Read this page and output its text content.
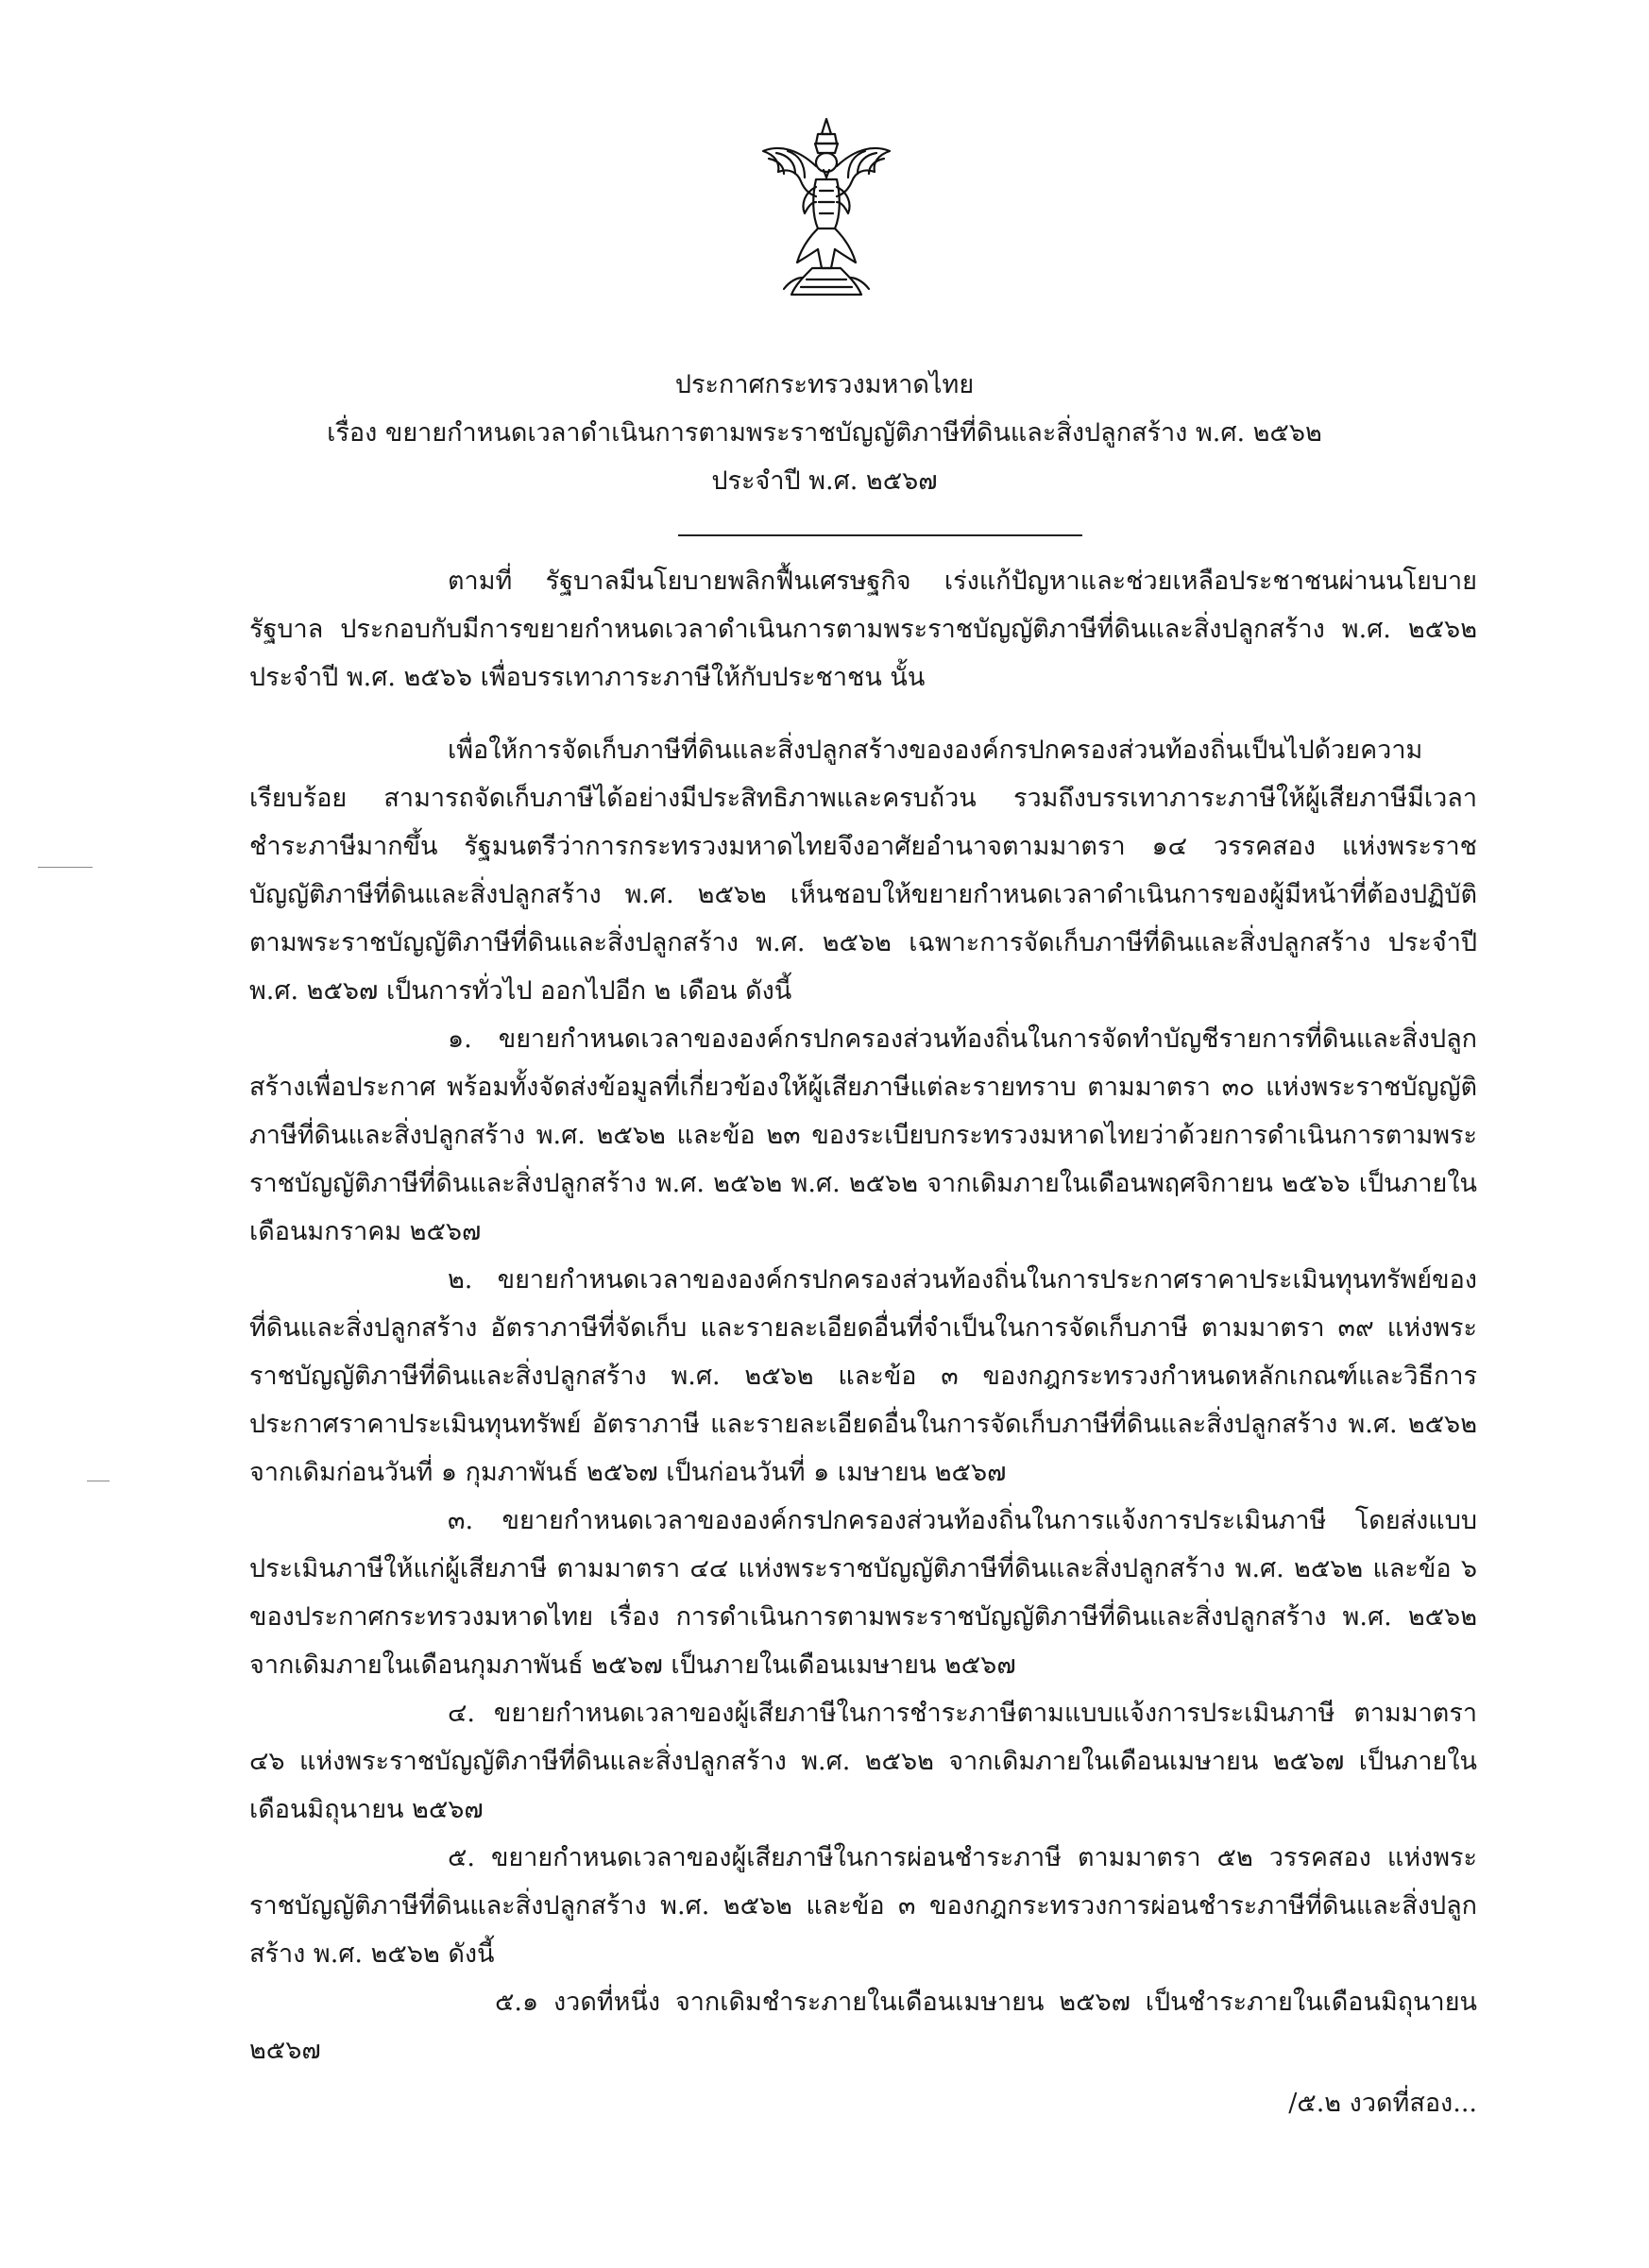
ประกาศกระทรวงมหาดไทย

เรื่อง ขยายกำหนดเวลาดำเนินการตามพระราชบัญญัติภาษีที่ดินและสิ่งปลูกสร้าง พ.ศ. ๒๕๖๒

ประจำปี พ.ศ. ๒๕๖๗

ตามที่ รัฐบาลมีนโยบายพลิกฟื้นเศรษฐกิจ เร่งแก้ปัญหาและช่วยเหลือประชาชนผ่านนโยบายรัฐบาล ประกอบกับมีการขยายกำหนดเวลาดำเนินการตามพระราชบัญญัติภาษีที่ดินและสิ่งปลูกสร้าง พ.ศ. ๒๕๖๒ ประจำปี พ.ศ. ๒๕๖๖ เพื่อบรรเทาภาระภาษีให้กับประชาชน นั้น

เพื่อให้การจัดเก็บภาษีที่ดินและสิ่งปลูกสร้างขององค์กรปกครองส่วนท้องถิ่นเป็นไปด้วยความเรียบร้อย สามารถจัดเก็บภาษีได้อย่างมีประสิทธิภาพและครบถ้วน รวมถึงบรรเทาภาระภาษีให้ผู้เสียภาษีมีเวลาชำระภาษีมากขึ้น รัฐมนตรีว่าการกระทรวงมหาดไทยจึงอาศัยอำนาจตามมาตรา ๑๔ วรรคสอง แห่งพระราชบัญญัติภาษีที่ดินและสิ่งปลูกสร้าง พ.ศ. ๒๕๖๒ เห็นชอบให้ขยายกำหนดเวลาดำเนินการของผู้มีหน้าที่ต้องปฏิบัติตามพระราชบัญญัติภาษีที่ดินและสิ่งปลูกสร้าง พ.ศ. ๒๕๖๒ เฉพาะการจัดเก็บภาษีที่ดินและสิ่งปลูกสร้าง ประจำปี พ.ศ. ๒๕๖๗ เป็นการทั่วไป ออกไปอีก ๒ เดือน ดังนี้

๑. ขยายกำหนดเวลาขององค์กรปกครองส่วนท้องถิ่นในการจัดทำบัญชีรายการที่ดินและสิ่งปลูกสร้างเพื่อประกาศ พร้อมทั้งจัดส่งข้อมูลที่เกี่ยวข้องให้ผู้เสียภาษีแต่ละรายทราบ ตามมาตรา ๓๐ แห่งพระราชบัญญัติภาษีที่ดินและสิ่งปลูกสร้าง พ.ศ. ๒๕๖๒ และข้อ ๒๓ ของระเบียบกระทรวงมหาดไทยว่าด้วยการดำเนินการตามพระราชบัญญัติภาษีที่ดินและสิ่งปลูกสร้าง พ.ศ. ๒๕๖๒ พ.ศ. ๒๕๖๒ จากเดิมภายในเดือนพฤศจิกายน ๒๕๖๖ เป็นภายในเดือนมกราคม ๒๕๖๗

๒. ขยายกำหนดเวลาขององค์กรปกครองส่วนท้องถิ่นในการประกาศราคาประเมินทุนทรัพย์ของที่ดินและสิ่งปลูกสร้าง อัตราภาษีที่จัดเก็บ และรายละเอียดอื่นที่จำเป็นในการจัดเก็บภาษี ตามมาตรา ๓๙ แห่งพระราชบัญญัติภาษีที่ดินและสิ่งปลูกสร้าง พ.ศ. ๒๕๖๒ และข้อ ๓ ของกฎกระทรวงกำหนดหลักเกณฑ์และวิธีการประกาศราคาประเมินทุนทรัพย์ อัตราภาษี และรายละเอียดอื่นในการจัดเก็บภาษีที่ดินและสิ่งปลูกสร้าง พ.ศ. ๒๕๖๒ จากเดิมก่อนวันที่ ๑ กุมภาพันธ์ ๒๕๖๗ เป็นก่อนวันที่ ๑ เมษายน ๒๕๖๗

๓. ขยายกำหนดเวลาขององค์กรปกครองส่วนท้องถิ่นในการแจ้งการประเมินภาษี โดยส่งแบบประเมินภาษีให้แก่ผู้เสียภาษี ตามมาตรา ๔๔ แห่งพระราชบัญญัติภาษีที่ดินและสิ่งปลูกสร้าง พ.ศ. ๒๕๖๒ และข้อ ๖ ของประกาศกระทรวงมหาดไทย เรื่อง การดำเนินการตามพระราชบัญญัติภาษีที่ดินและสิ่งปลูกสร้าง พ.ศ. ๒๕๖๒ จากเดิมภายในเดือนกุมภาพันธ์ ๒๕๖๗ เป็นภายในเดือนเมษายน ๒๕๖๗

๔. ขยายกำหนดเวลาของผู้เสียภาษีในการชำระภาษีตามแบบแจ้งการประเมินภาษี ตามมาตรา ๔๖ แห่งพระราชบัญญัติภาษีที่ดินและสิ่งปลูกสร้าง พ.ศ. ๒๕๖๒ จากเดิมภายในเดือนเมษายน ๒๕๖๗ เป็นภายในเดือนมิถุนายน ๒๕๖๗

๕. ขยายกำหนดเวลาของผู้เสียภาษีในการผ่อนชำระภาษี ตามมาตรา ๕๒ วรรคสอง แห่งพระราชบัญญัติภาษีที่ดินและสิ่งปลูกสร้าง พ.ศ. ๒๕๖๒ และข้อ ๓ ของกฎกระทรวงการผ่อนชำระภาษีที่ดินและสิ่งปลูกสร้าง พ.ศ. ๒๕๖๒ ดังนี้

๕.๑ งวดที่หนึ่ง จากเดิมชำระภายในเดือนเมษายน ๒๕๖๗ เป็นชำระภายในเดือนมิถุนายน ๒๕๖๗

/๕.๒ งวดที่สอง...
